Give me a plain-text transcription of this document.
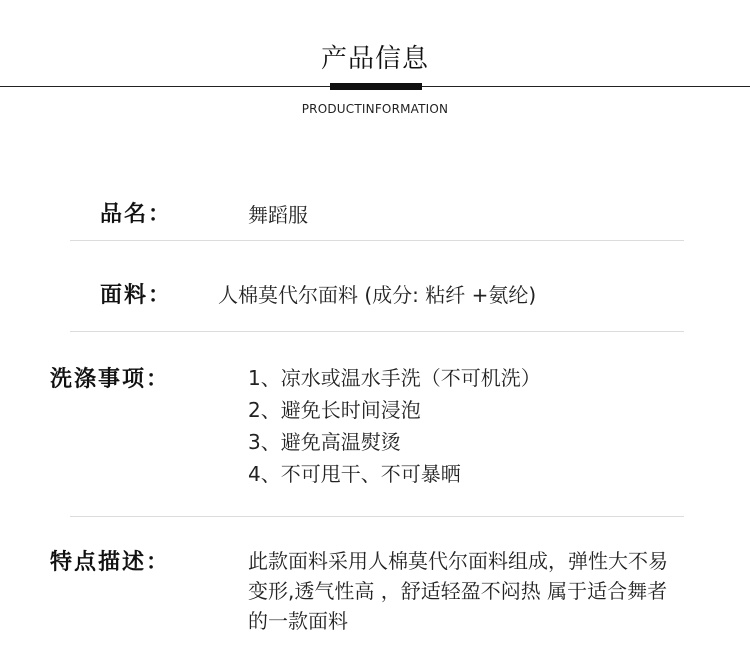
产品信息
PRODUCTINFORMATION
品名：	舞蹈服
面料： 人棉莫代尔面料 (成分: 粘纤 +氨纶)
洗涤事项：	1、凉水或温水手洗（不可机洗）
2、避免长时间浸泡
3、避免高温熨烫
4、不可甩干、不可暴晒
特点描述：	此款面料采用人棉莫代尔面料组成，弹性大不易
变形,透气性高 ，舒适轻盈不闷热 属于适合舞者
的一款面料
